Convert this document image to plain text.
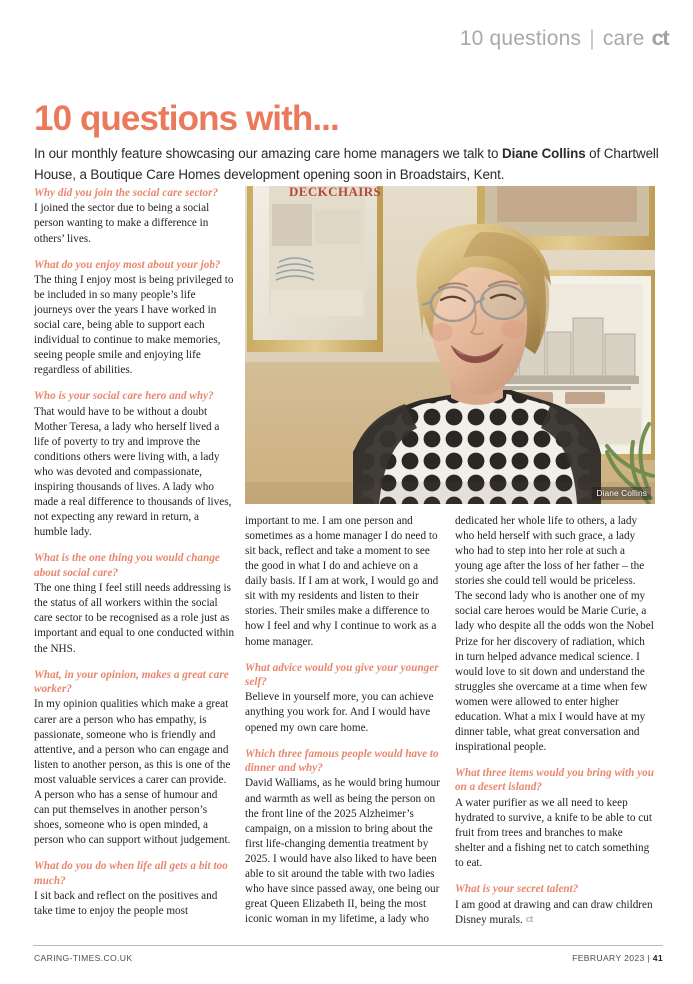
10 questions | care ct
10 questions with...

In our monthly feature showcasing our amazing care home managers we talk to Diane Collins of Chartwell House, a Boutique Care Homes development opening soon in Broadstairs, Kent.

DECKCHAIRS
Diane Collins

Why did you join the social care sector?

I joined the sector due to being a social person wanting to make a difference in others’ lives.

What do you enjoy most about your job?

The thing I enjoy most is being privileged to be included in so many people’s life journeys over the years I have worked in social care, being able to support each individual to continue to make memories, seeing people smile and enjoying life regardless of abilities.

Who is your social care hero and why?

That would have to be without a doubt Mother Teresa, a lady who herself lived a life of poverty to try and improve the conditions others were living with, a lady who was devoted and compassionate, inspiring thousands of lives. A lady who made a real difference to thousands of lives, not expecting any reward in return, a humble lady.

What is the one thing you would change about social care?

The one thing I feel still needs addressing is the status of all workers within the social care sector to be recognised as a role just as important and equal to one conducted within the NHS.

What, in your opinion, makes a great care worker?

In my opinion qualities which make a great carer are a person who has empathy, is passionate, someone who is friendly and attentive, and a person who can engage and listen to another person, as this is one of the most valuable services a carer can provide. A person who has a sense of humour and can put themselves in another person’s shoes, someone who is open minded, a person who can support without judgement.

What do you do when life all gets a bit too much?

I sit back and reflect on the positives and take time to enjoy the people most

important to me. I am one person and sometimes as a home manager I do need to sit back, reflect and take a moment to see the good in what I do and achieve on a daily basis. If I am at work, I would go and sit with my residents and listen to their stories. Their smiles make a difference to how I feel and why I continue to work as a home manager.

What advice would you give your younger self?

Believe in yourself more, you can achieve anything you work for. And I would have opened my own care home.

Which three famous people would have to dinner and why?

David Walliams, as he would bring humour and warmth as well as being the person on the front line of the 2025 Alzheimer’s campaign, on a mission to bring about the first life-changing dementia treatment by 2025. I would have also liked to have been able to sit around the table with two ladies who have since passed away, one being our great Queen Elizabeth II, being the most iconic woman in my lifetime, a lady who

dedicated her whole life to others, a lady who held herself with such grace, a lady who had to step into her role at such a young age after the loss of her father – the stories she could tell would be priceless. The second lady who is another one of my social care heroes would be Marie Curie, a lady who despite all the odds won the Nobel Prize for her discovery of radiation, which in turn helped advance medical science. I would love to sit down and understand the struggles she overcame at a time when few women were allowed to enter higher education. What a mix I would have at my dinner table, what great conversation and inspirational people.

What three items would you bring with you on a desert island?

A water purifier as we all need to keep hydrated to survive, a knife to be able to cut fruit from trees and branches to make shelter and a fishing net to catch something to eat.

What is your secret talent?

I am good at drawing and can draw children Disney murals. ct

CARING-TIMES.CO.UK	FEBRUARY 2023 | 41
